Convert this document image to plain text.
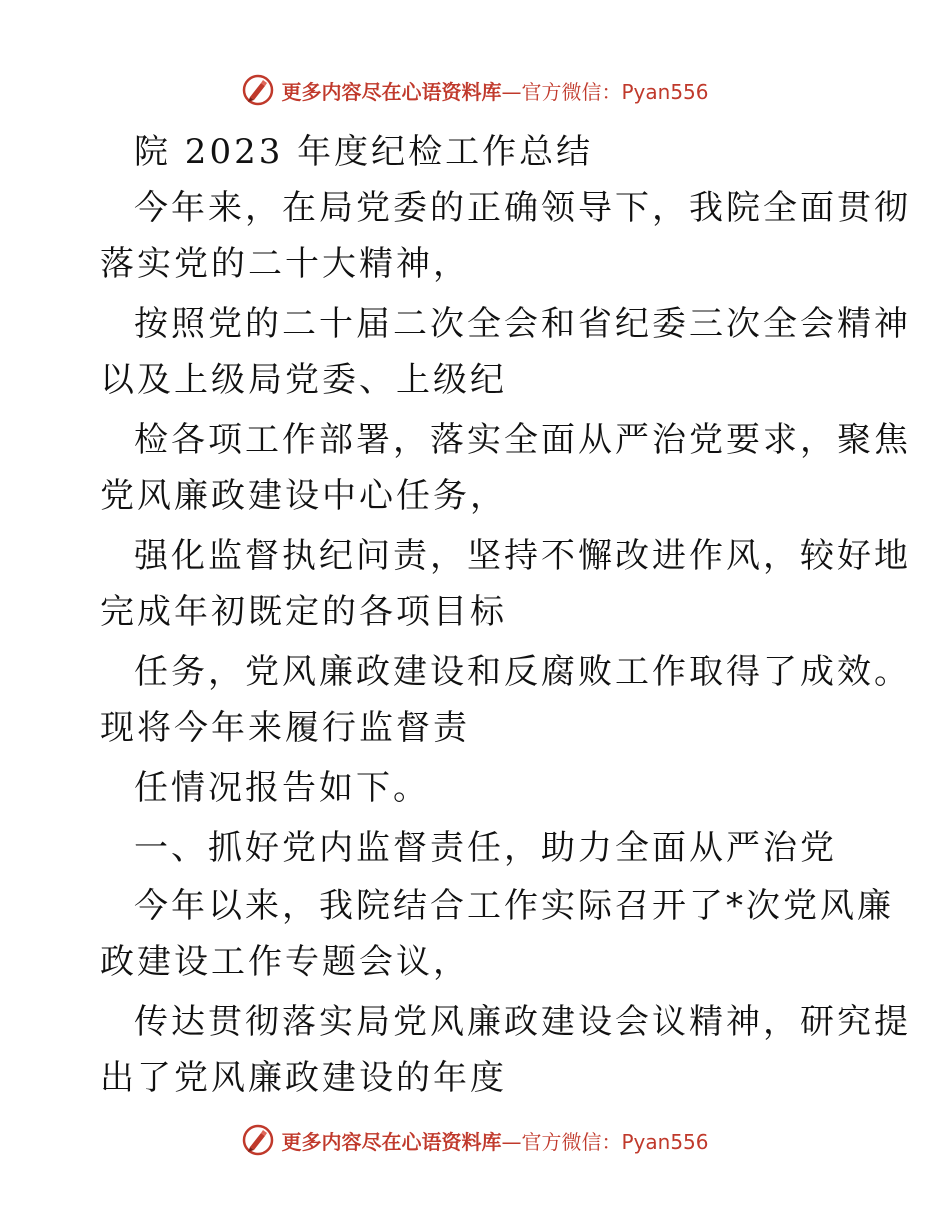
更多内容尽在心语资料库—官方微信：Pyan556
院 2023 年度纪检工作总结
今年来，在局党委的正确领导下，我院全面贯彻
落实党的二十大精神，
按照党的二十届二次全会和省纪委三次全会精神
以及上级局党委、上级纪
检各项工作部署，落实全面从严治党要求，聚焦
党风廉政建设中心任务，
强化监督执纪问责，坚持不懈改进作风，较好地
完成年初既定的各项目标
任务，党风廉政建设和反腐败工作取得了成效。
现将今年来履行监督责
任情况报告如下。
一、抓好党内监督责任，助力全面从严治党
今年以来，我院结合工作实际召开了*次党风廉
政建设工作专题会议，
传达贯彻落实局党风廉政建设会议精神，研究提
出了党风廉政建设的年度
更多内容尽在心语资料库—官方微信：Pyan556
